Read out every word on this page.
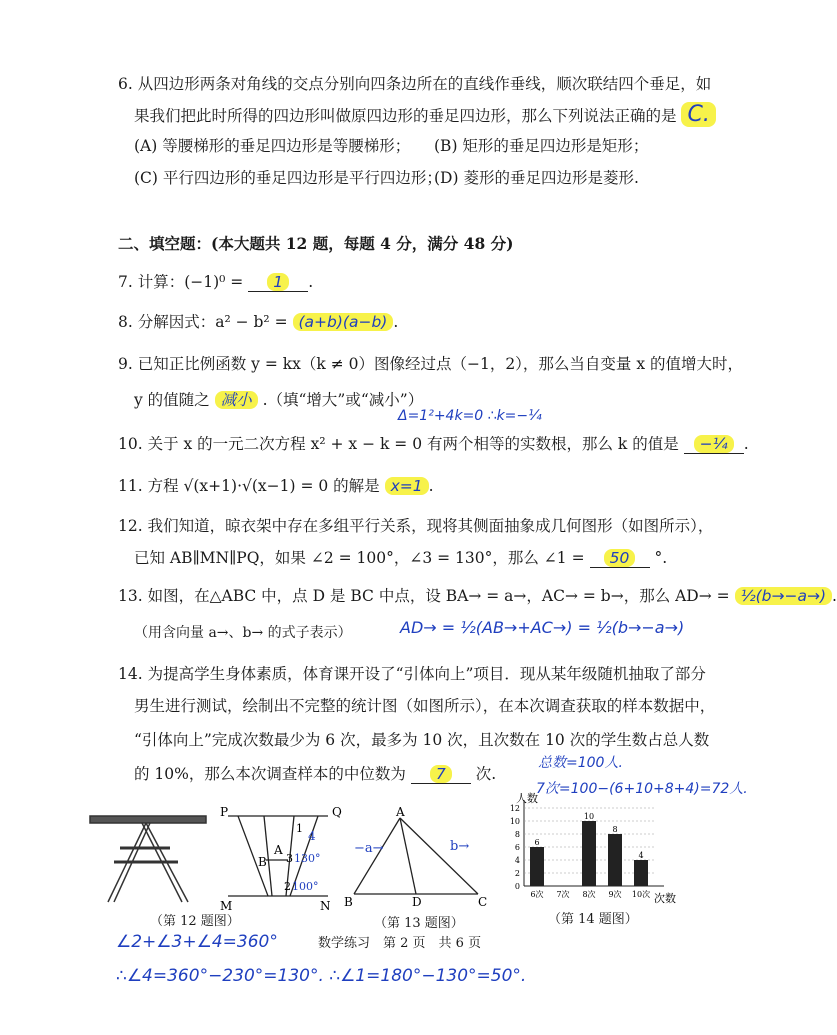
6. 从四边形两条对角线的交点分别向四条边所在的直线作垂线，顺次联结四个垂足，如
果我们把此时所得的四边形叫做原四边形的垂足四边形，那么下列说法正确的是 C.
(A) 等腰梯形的垂足四边形是等腰梯形； (B) 矩形的垂足四边形是矩形；
(C) 平行四边形的垂足四边形是平行四边形；
(D) 菱形的垂足四边形是菱形.
二、填空题：(本大题共 12 题，每题 4 分，满分 48 分)
7. 计算：(−1)⁰ = 1 .
8. 分解因式：a² − b² = (a+b)(a−b) .
9. 已知正比例函数 y = kx（k ≠ 0）图像经过点（−1，2），那么当自变量 x 的值增大时，
y 的值随之 减小 .（填“增大”或“减小”）
Δ=1²+4k=0 ∴k=−¼
10. 关于 x 的一元二次方程 x² + x − k = 0 有两个相等的实数根，那么 k 的值是 −¼ .
11. 方程 √(x+1)·√(x−1) = 0 的解是 x=1 .
12. 我们知道，晾衣架中存在多组平行关系，现将其侧面抽象成几何图形（如图所示），
已知 AB∥MN∥PQ，如果 ∠2 = 100°，∠3 = 130°，那么 ∠1 = 50 °.
13. 如图，在△ABC 中，点 D 是 BC 中点，设 BA→ = a→，AC→ = b→，那么 AD→ = ½(b→−a→) .
（用含向量 a→、b→ 的式子表示）	AD→ = ½(AB→+AC→) = ½(b→−a→)
14. 为提高学生身体素质，体育课开设了“引体向上”项目．现从某年级随机抽取了部分
男生进行测试，绘制出不完整的统计图（如图所示），在本次调查获取的样本数据中，
“引体向上”完成次数最少为 6 次，最多为 10 次，且次数在 10 次的学生数占总人数
的 10%，那么本次调查样本的中位数为 7 次.
总数=100人.
7次=100−(6+10+8+4)=72人.
P	Q
A
B
M	N
1
3
2
4
130°
100°
（第 12 题图）
A
B	D	C
−a→	b→
（第 13 题图）
人数
次数
0
2
4
6
8
10
12
6
6次 7次
10
8次
8
9次
4
10次
（第 14 题图）
数学练习　第 2 页　共 6 页
∠2+∠3+∠4=360°
∴∠4=360°−230°=130°. ∴∠1=180°−130°=50°.
